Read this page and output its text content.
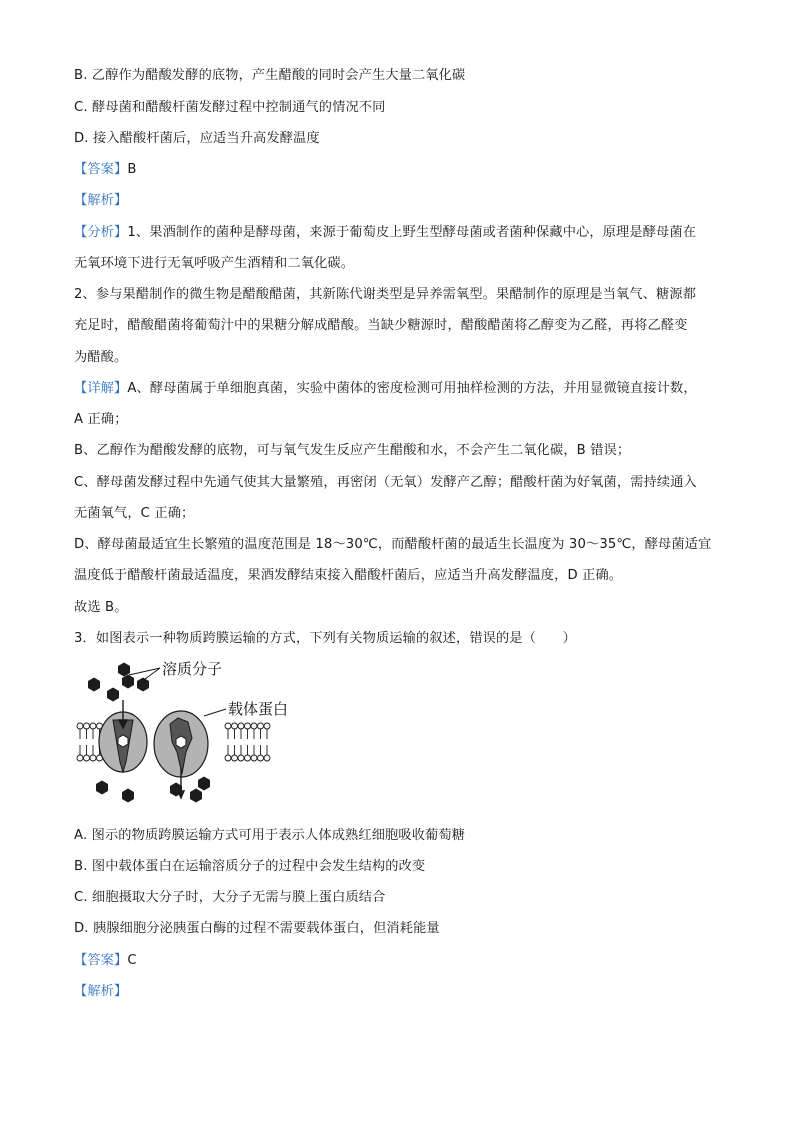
B. 乙醇作为醋酸发酵的底物，产生醋酸的同时会产生大量二氧化碳
C. 酵母菌和醋酸杆菌发酵过程中控制通气的情况不同
D. 接入醋酸杆菌后，应适当升高发酵温度
【答案】B
【解析】
【分析】1、果酒制作的菌种是酵母菌，来源于葡萄皮上野生型酵母菌或者菌种保藏中心，原理是酵母菌在
无氧环境下进行无氧呼吸产生酒精和二氧化碳。
2、参与果醋制作的微生物是醋酸醋菌，其新陈代谢类型是异养需氧型。果醋制作的原理是当氧气、糖源都
充足时，醋酸醋菌将葡萄汁中的果糖分解成醋酸。当缺少糖源时，醋酸醋菌将乙醇变为乙醛，再将乙醛变
为醋酸。
【详解】A、酵母菌属于单细胞真菌，实验中菌体的密度检测可用抽样检测的方法，并用显微镜直接计数，
A 正确；
B、乙醇作为醋酸发酵的底物，可与氧气发生反应产生醋酸和水，不会产生二氧化碳，B 错误；
C、酵母菌发酵过程中先通气使其大量繁殖，再密闭（无氧）发酵产乙醇；醋酸杆菌为好氧菌，需持续通入
无菌氧气，C 正确；
D、酵母菌最适宜生长繁殖的温度范围是 18～30℃，而醋酸杆菌的最适生长温度为 30～35℃，酵母菌适宜
温度低于醋酸杆菌最适温度，果酒发酵结束接入醋酸杆菌后，应适当升高发酵温度，D 正确。
故选 B。
3．如图表示一种物质跨膜运输的方式，下列有关物质运输的叙述，错误的是（　　）
溶质分子
载体蛋白
A. 图示的物质跨膜运输方式可用于表示人体成熟红细胞吸收葡萄糖
B. 图中载体蛋白在运输溶质分子的过程中会发生结构的改变
C. 细胞摄取大分子时，大分子无需与膜上蛋白质结合
D. 胰腺细胞分泌胰蛋白酶的过程不需要载体蛋白，但消耗能量
【答案】C
【解析】
